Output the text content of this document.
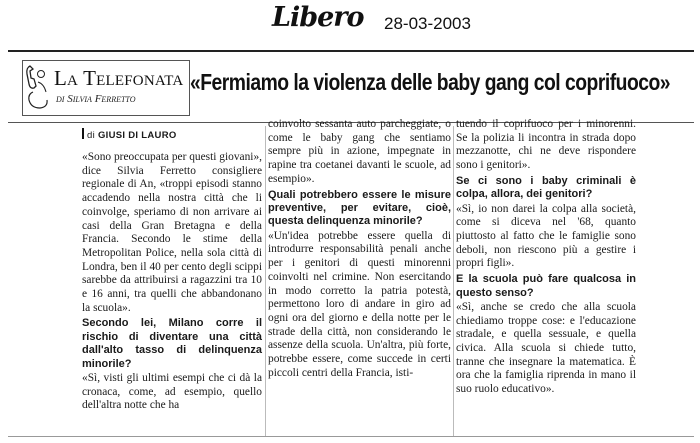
Libero 28-03-2003
La Telefonata
di Silvia Ferretto
«Fermiamo la violenza delle baby gang col coprifuoco»
di GIUSI DI LAURO

«Sono preoccupata per questi giovani», dice Silvia Ferretto consigliere regionale di An, «troppi episodi stanno accadendo nella nostra città che li coinvolge, speriamo di non arrivare ai casi della Gran Bretagna e della Francia. Secondo le stime della Metropolitan Police, nella sola città di Londra, ben il 40 per cento degli scippi sarebbe da attribuirsi a ragazzini tra 10 e 16 anni, tra quelli che abbandonano la scuola».

Secondo lei, Milano corre il rischio di diventare una città dall'alto tasso di delinquenza minorile?

«Sì, visti gli ultimi esempi che ci dà la cronaca, come, ad esempio, quello dell'altra notte che ha

coinvolto sessanta auto parcheggiate, o come le baby gang che sentiamo sempre più in azione, impegnate in rapine tra coetanei davanti le scuole, ad esempio».

Quali potrebbero essere le misure preventive, per evitare, cioè, questa delinquenza minorile?

«Un'idea potrebbe essere quella di introdurre responsabilità penali anche per i genitori di questi minorenni coinvolti nel crimine. Non esercitando in modo corretto la patria potestà, permettono loro di andare in giro ad ogni ora del giorno e della notte per le strade della città, non considerando le assenze della scuola. Un'altra, più forte, potrebbe essere, come succede in certi piccoli centri della Francia, isti-

tuendo il coprifuoco per i minorenni. Se la polizia li incontra in strada dopo mezzanotte, chi ne deve rispondere sono i genitori».

Se ci sono i baby criminali è colpa, allora, dei genitori?

«Sì, io non darei la colpa alla società, come si diceva nel '68, quanto piuttosto al fatto che le famiglie sono deboli, non riescono più a gestire i propri figli».

E la scuola può fare qualcosa in questo senso?

«Sì, anche se credo che alla scuola chiediamo troppe cose: e l'educazione stradale, e quella sessuale, e quella civica. Alla scuola si chiede tutto, tranne che insegnare la matematica. È ora che la famiglia riprenda in mano il suo ruolo educativo».
